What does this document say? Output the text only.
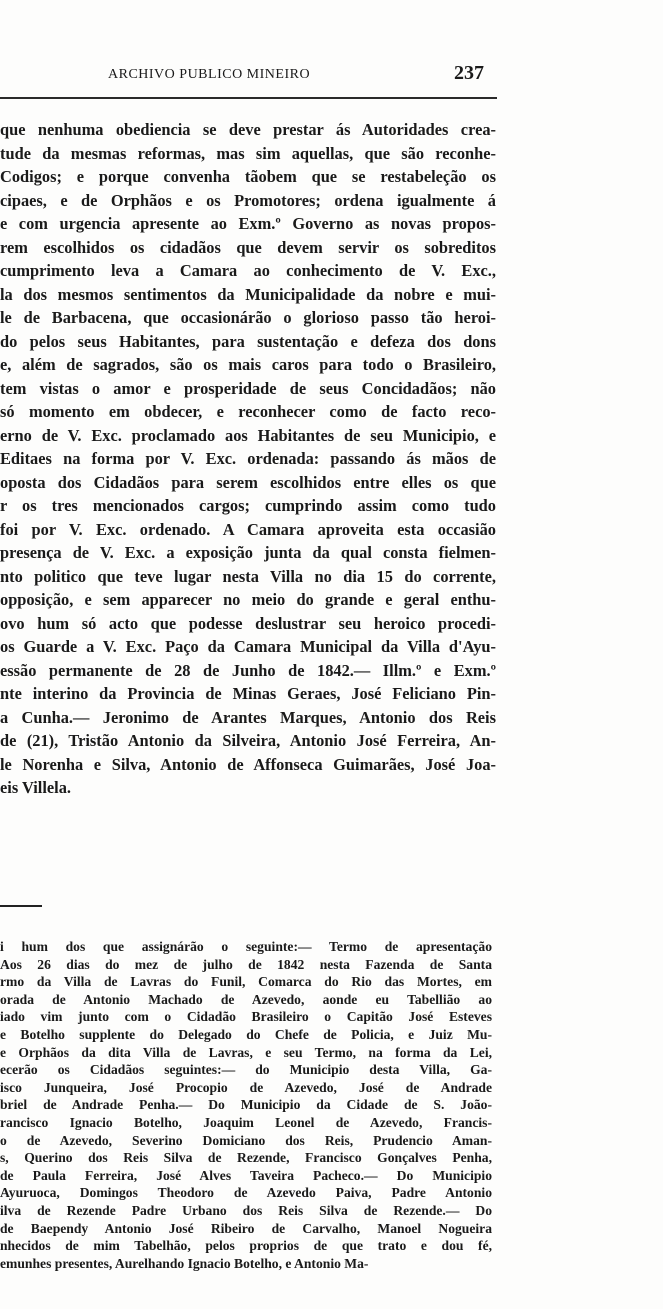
ARCHIVO PUBLICO MINEIRO	237
que nenhuma obediencia se deve prestar ás Autoridades crea-
tude da mesmas reformas, mas sim aquellas, que são reconhe-
Codigos; e porque convenha tãobem que se restabeleção os
cipaes, e de Orphãos e os Promotores; ordena igualmente á
e com urgencia apresente ao Exm.º Governo as novas propos-
rem escolhidos os cidadãos que devem servir os sobreditos
cumprimento leva a Camara ao conhecimento de V. Exc.,
la dos mesmos sentimentos da Municipalidade da nobre e mui-
le de Barbacena, que occasionárão o glorioso passo tão heroi-
do pelos seus Habitantes, para sustentação e defeza dos dons
e, além de sagrados, são os mais caros para todo o Brasileiro,
tem vistas o amor e prosperidade de seus Concidadãos; não
só momento em obdecer, e reconhecer como de facto reco-
erno de V. Exc. proclamado aos Habitantes de seu Municipio, e
Editaes na forma por V. Exc. ordenada: passando ás mãos de
oposta dos Cidadãos para serem escolhidos entre elles os que
r os tres mencionados cargos; cumprindo assim como tudo
foi por V. Exc. ordenado. A Camara aproveita esta occasião
presença de V. Exc. a exposição junta da qual consta fielmen-
nto politico que teve lugar nesta Villa no dia 15 do corrente,
opposição, e sem apparecer no meio do grande e geral enthu-
ovo hum só acto que podesse deslustrar seu heroico procedi-
os Guarde a V. Exc. Paço da Camara Municipal da Villa d'Ayu-
essão permanente de 28 de Junho de 1842.— Illm.º e Exm.º
nte interino da Provincia de Minas Geraes, José Feliciano Pin-
a Cunha.— Jeronimo de Arantes Marques, Antonio dos Reis
de (21), Tristão Antonio da Silveira, Antonio José Ferreira, An-
le Norenha e Silva, Antonio de Affonseca Guimarães, José Joa-
eis Villela.
i hum dos que assignárão o seguinte:— Termo de apresentação
Aos 26 dias do mez de julho de 1842 nesta Fazenda de Santa
rmo da Villa de Lavras do Funil, Comarca do Rio das Mortes, em
orada de Antonio Machado de Azevedo, aonde eu Tabellião ao
iado vim junto com o Cidadão Brasileiro o Capitão José Esteves
e Botelho supplente do Delegado do Chefe de Policia, e Juiz Mu-
e Orphãos da dita Villa de Lavras, e seu Termo, na forma da Lei,
ecerão os Cidadãos seguintes:— do Municipio desta Villa, Ga-
isco Junqueira, José Procopio de Azevedo, José de Andrade
briel de Andrade Penha.— Do Municipio da Cidade de S. João-
rancisco Ignacio Botelho, Joaquim Leonel de Azevedo, Francis-
o de Azevedo, Severino Domiciano dos Reis, Prudencio Aman-
s, Querino dos Reis Silva de Rezende, Francisco Gonçalves Penha,
de Paula Ferreira, José Alves Taveira Pacheco.— Do Municipio
Ayuruoca, Domingos Theodoro de Azevedo Paiva, Padre Antonio
ilva de Rezende Padre Urbano dos Reis Silva de Rezende.— Do
de Baependy Antonio José Ribeiro de Carvalho, Manoel Nogueira
nhecidos de mim Tabelhão, pelos proprios de que trato e dou fé,
emunhes presentes, Aurelhando Ignacio Botelho, e Antonio Ma-
